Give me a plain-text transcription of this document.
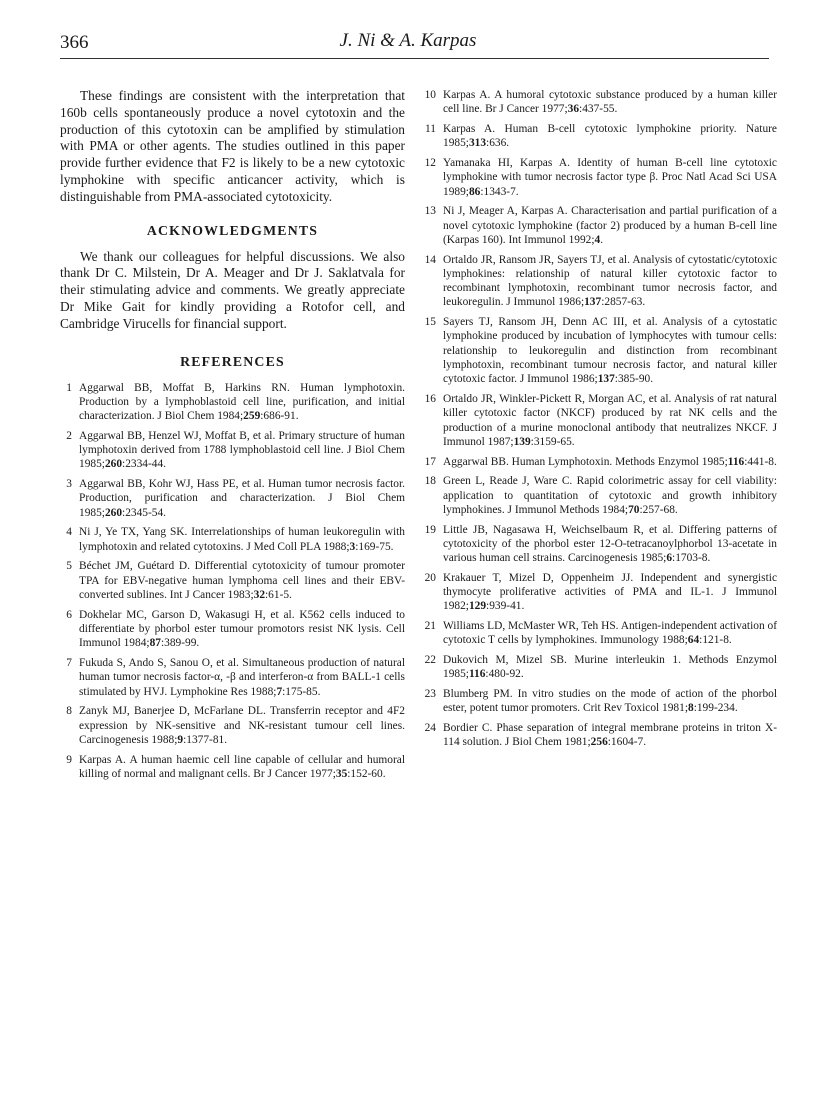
366	J. Ni & A. Karpas

These findings are consistent with the interpretation that 160b cells spontaneously produce a novel cytotoxin and the production of this cytotoxin can be amplified by stimulation with PMA or other agents. The studies outlined in this paper provide further evidence that F2 is likely to be a new cytotoxic lymphokine with specific anticancer activity, which is distinguishable from PMA-associated cytotoxicity.

ACKNOWLEDGMENTS

We thank our colleagues for helpful discussions. We also thank Dr C. Milstein, Dr A. Meager and Dr J. Saklatvala for their stimulating advice and comments. We greatly appreciate Dr Mike Gait for kindly providing a Rotofor cell, and Cambridge Virucells for financial support.

REFERENCES
1 Aggarwal BB, Moffat B, Harkins RN. Human lymphotoxin. Production by a lymphoblastoid cell line, purification, and initial characterization. J Biol Chem 1984;259:686-91.
2 Aggarwal BB, Henzel WJ, Moffat B, et al. Primary structure of human lymphotoxin derived from 1788 lymphoblastoid cell line. J Biol Chem 1985;260:2334-44.
3 Aggarwal BB, Kohr WJ, Hass PE, et al. Human tumor necrosis factor. Production, purification and characterization. J Biol Chem 1985;260:2345-54.
4 Ni J, Ye TX, Yang SK. Interrelationships of human leukoregulin with lymphotoxin and related cytotoxins. J Med Coll PLA 1988;3:169-75.
5 Béchet JM, Guétard D. Differential cytotoxicity of tumour promoter TPA for EBV-negative human lymphoma cell lines and their EBV-converted sublines. Int J Cancer 1983;32:61-5.
6 Dokhelar MC, Garson D, Wakasugi H, et al. K562 cells induced to differentiate by phorbol ester tumour promotors resist NK lysis. Cell Immunol 1984;87:389-99.
7 Fukuda S, Ando S, Sanou O, et al. Simultaneous production of natural human tumor necrosis factor-α, -β and interferon-α from BALL-1 cells stimulated by HVJ. Lymphokine Res 1988;7:175-85.
8 Zanyk MJ, Banerjee D, McFarlane DL. Transferrin receptor and 4F2 expression by NK-sensitive and NK-resistant tumour cell lines. Carcinogenesis 1988;9:1377-81.
9 Karpas A. A human haemic cell line capable of cellular and humoral killing of normal and malignant cells. Br J Cancer 1977;35:152-60.
10 Karpas A. A humoral cytotoxic substance produced by a human killer cell line. Br J Cancer 1977;36:437-55.
11 Karpas A. Human B-cell cytotoxic lymphokine priority. Nature 1985;313:636.
12 Yamanaka HI, Karpas A. Identity of human B-cell line cytotoxic lymphokine with tumor necrosis factor type β. Proc Natl Acad Sci USA 1989;86:1343-7.
13 Ni J, Meager A, Karpas A. Characterisation and partial purification of a novel cytotoxic lymphokine (factor 2) produced by a human B-cell line (Karpas 160). Int Immunol 1992;4.
14 Ortaldo JR, Ransom JR, Sayers TJ, et al. Analysis of cytostatic/cytotoxic lymphokines: relationship of natural killer cytotoxic factor to recombinant lymphotoxin, recombinant tumor necrosis factor, and leukoregulin. J Immunol 1986;137:2857-63.
15 Sayers TJ, Ransom JH, Denn AC III, et al. Analysis of a cytostatic lymphokine produced by incubation of lymphocytes with tumour cells: relationship to leukoregulin and distinction from recombinant lymphotoxin, recombinant tumour necrosis factor, and natural killer cytotoxic factor. J Immunol 1986;137:385-90.
16 Ortaldo JR, Winkler-Pickett R, Morgan AC, et al. Analysis of rat natural killer cytotoxic factor (NKCF) produced by rat NK cells and the production of a murine monoclonal antibody that neutralizes NKCF. J Immunol 1987;139:3159-65.
17 Aggarwal BB. Human Lymphotoxin. Methods Enzymol 1985;116:441-8.
18 Green L, Reade J, Ware C. Rapid colorimetric assay for cell viability: application to quantitation of cytotoxic and growth inhibitory lymphokines. J Immunol Methods 1984;70:257-68.
19 Little JB, Nagasawa H, Weichselbaum R, et al. Differing patterns of cytotoxicity of the phorbol ester 12-O-tetracanoylphorbol 13-acetate in various human cell strains. Carcinogenesis 1985;6:1703-8.
20 Krakauer T, Mizel D, Oppenheim JJ. Independent and synergistic thymocyte proliferative activities of PMA and IL-1. J Immunol 1982;129:939-41.
21 Williams LD, McMaster WR, Teh HS. Antigen-independent activation of cytotoxic T cells by lymphokines. Immunology 1988;64:121-8.
22 Dukovich M, Mizel SB. Murine interleukin 1. Methods Enzymol 1985;116:480-92.
23 Blumberg PM. In vitro studies on the mode of action of the phorbol ester, potent tumor promoters. Crit Rev Toxicol 1981;8:199-234.
24 Bordier C. Phase separation of integral membrane proteins in triton X-114 solution. J Biol Chem 1981;256:1604-7.
